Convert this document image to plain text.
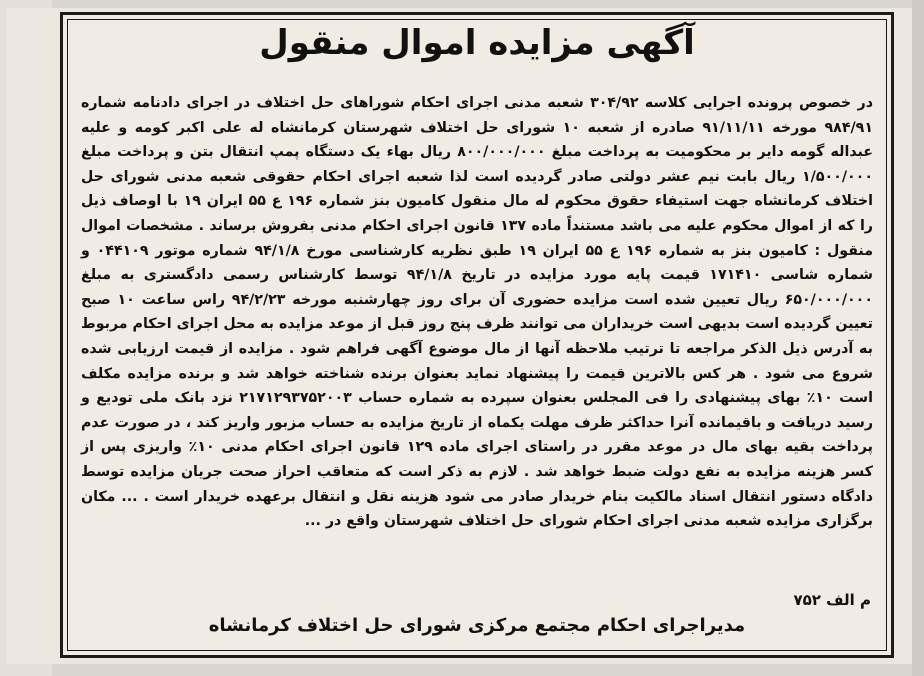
آگهی مزایده اموال منقول
در خصوص پرونده اجرایی کلاسه ۳۰۴/۹۲ شعبه مدنی اجرای احکام شوراهای حل اختلاف در اجرای دادنامه شماره ۹۸۴/۹۱ مورخه ۹۱/۱۱/۱۱ صادره از شعبه ۱۰ شورای حل اختلاف شهرستان کرمانشاه له علی اکبر کومه و علیه عبداله گومه دایر بر محکومیت به پرداخت مبلغ ۸۰۰/۰۰۰/۰۰۰ ریال بهاء یک دستگاه پمپ انتقال بتن و پرداخت مبلغ ۱/۵۰۰/۰۰۰ ریال بابت نیم عشر دولتی صادر گردیده است لذا شعبه اجرای احکام حقوقی شعبه مدنی شورای حل اختلاف کرمانشاه جهت استیفاء حقوق محکوم له مال منقول کامیون بنز شماره ۱۹۶ ع ۵۵ ایران ۱۹ با اوصاف ذیل را که از اموال محکوم علیه می باشد مستنداً ماده ۱۳۷ قانون اجرای احکام مدنی بفروش برساند . مشخصات اموال منقول : کامیون بنز به شماره ۱۹۶ ع ۵۵ ایران ۱۹ طبق نظریه کارشناسی مورخ ۹۴/۱/۸ شماره موتور ۰۴۴۱۰۹ و شماره شاسی ۱۷۱۴۱۰ قیمت پایه مورد مزایده در تاریخ ۹۴/۱/۸ توسط کارشناس رسمی دادگستری به مبلغ ۶۵۰/۰۰۰/۰۰۰ ریال تعیین شده است مزایده حضوری آن برای روز چهارشنبه مورخه ۹۴/۲/۲۳ راس ساعت ۱۰ صبح تعیین گردیده است بدیهی است خریداران می توانند ظرف پنج روز قبل از موعد مزایده به محل اجرای احکام مربوط به آدرس ذیل الذکر مراجعه تا ترتیب ملاحظه آنها از مال موضوع آگهی فراهم شود . مزایده از قیمت ارزیابی شده شروع می شود . هر کس بالاترین قیمت را پیشنهاد نماید بعنوان برنده شناخته خواهد شد و برنده مزایده مکلف است ۱۰٪ بهای پیشنهادی را فی المجلس بعنوان سپرده به شماره حساب ۲۱۷۱۲۹۳۷۵۲۰۰۳ نزد بانک ملی تودیع و رسید دریافت و باقیمانده آنرا حداکثر ظرف مهلت یکماه از تاریخ مزایده به حساب مزبور واریز کند ، در صورت عدم پرداخت بقیه بهای مال در موعد مقرر در راستای اجرای ماده ۱۲۹ قانون اجرای احکام مدنی ۱۰٪ واریزی پس از کسر هزینه مزایده به نفع دولت ضبط خواهد شد . لازم به ذکر است که متعاقب احراز صحت جریان مزایده توسط دادگاه دستور انتقال اسناد مالکیت بنام خریدار صادر می شود هزینه نقل و انتقال برعهده خریدار است . ... مکان برگزاری مزایده شعبه مدنی اجرای احکام شورای حل اختلاف شهرستان واقع در ...
م الف ۷۵۲
مدیراجرای احکام مجتمع مرکزی شورای حل اختلاف کرمانشاه
